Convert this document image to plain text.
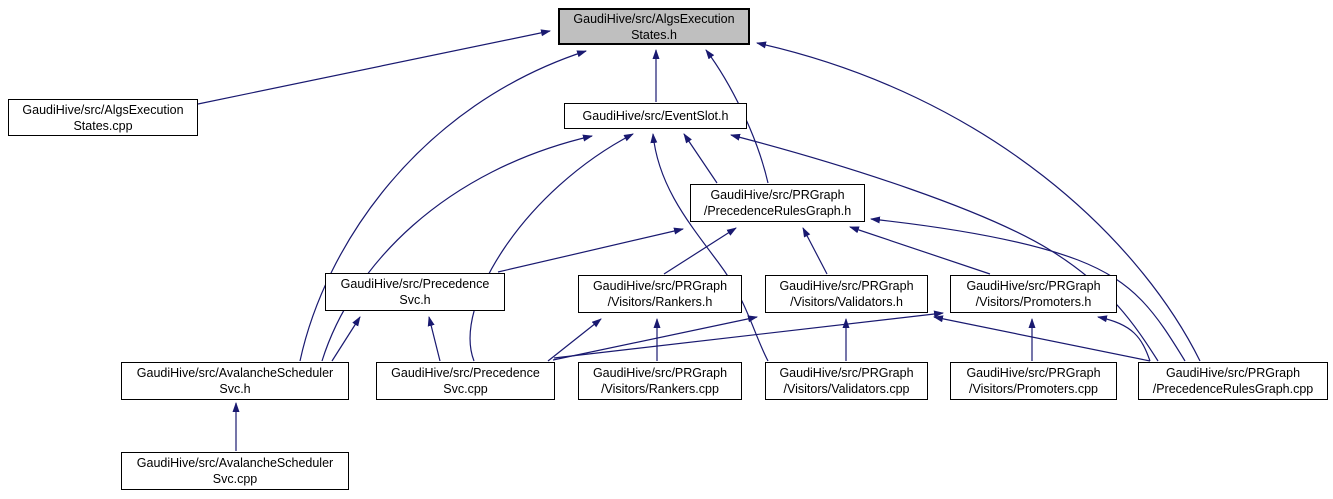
GaudiHive/src/AlgsExecution
States.h
GaudiHive/src/AlgsExecution
States.cpp
GaudiHive/src/EventSlot.h
GaudiHive/src/PRGraph
/PrecedenceRulesGraph.h
GaudiHive/src/Precedence
Svc.h
GaudiHive/src/PRGraph
/Visitors/Rankers.h
GaudiHive/src/PRGraph
/Visitors/Validators.h
GaudiHive/src/PRGraph
/Visitors/Promoters.h
GaudiHive/src/AvalancheScheduler
Svc.h
GaudiHive/src/Precedence
Svc.cpp
GaudiHive/src/PRGraph
/Visitors/Rankers.cpp
GaudiHive/src/PRGraph
/Visitors/Validators.cpp
GaudiHive/src/PRGraph
/Visitors/Promoters.cpp
GaudiHive/src/PRGraph
/PrecedenceRulesGraph.cpp
GaudiHive/src/AvalancheScheduler
Svc.cpp
